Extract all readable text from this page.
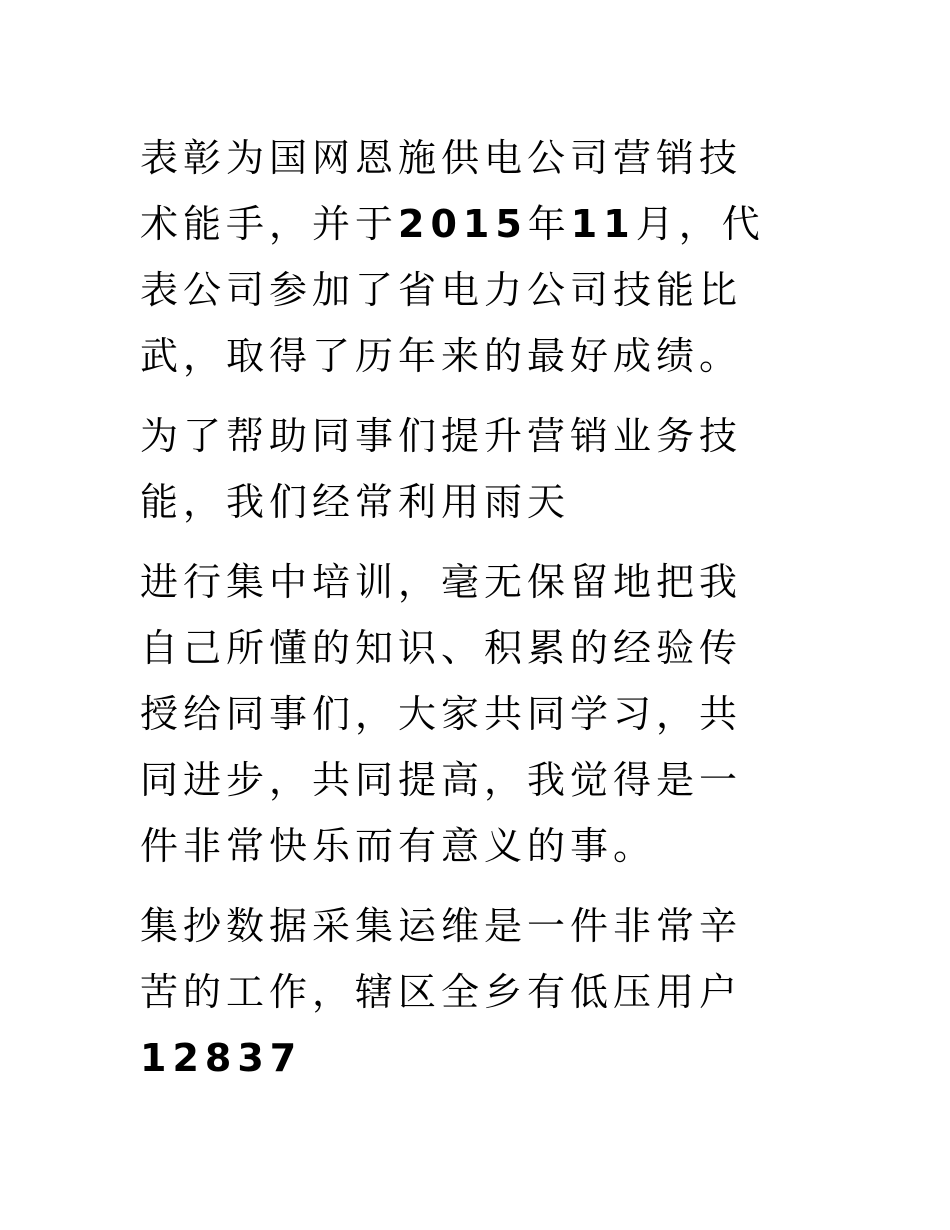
表彰为国网恩施供电公司营销技
术能手，并于2015年11月，代
表公司参加了省电力公司技能比
武，取得了历年来的最好成绩。

为了帮助同事们提升营销业务技
能，我们经常利用雨天

进行集中培训，毫无保留地把我
自己所懂的知识、积累的经验传
授给同事们，大家共同学习，共
同进步，共同提高，我觉得是一
件非常快乐而有意义的事。

集抄数据采集运维是一件非常辛
苦的工作，辖区全乡有低压用户
12837
